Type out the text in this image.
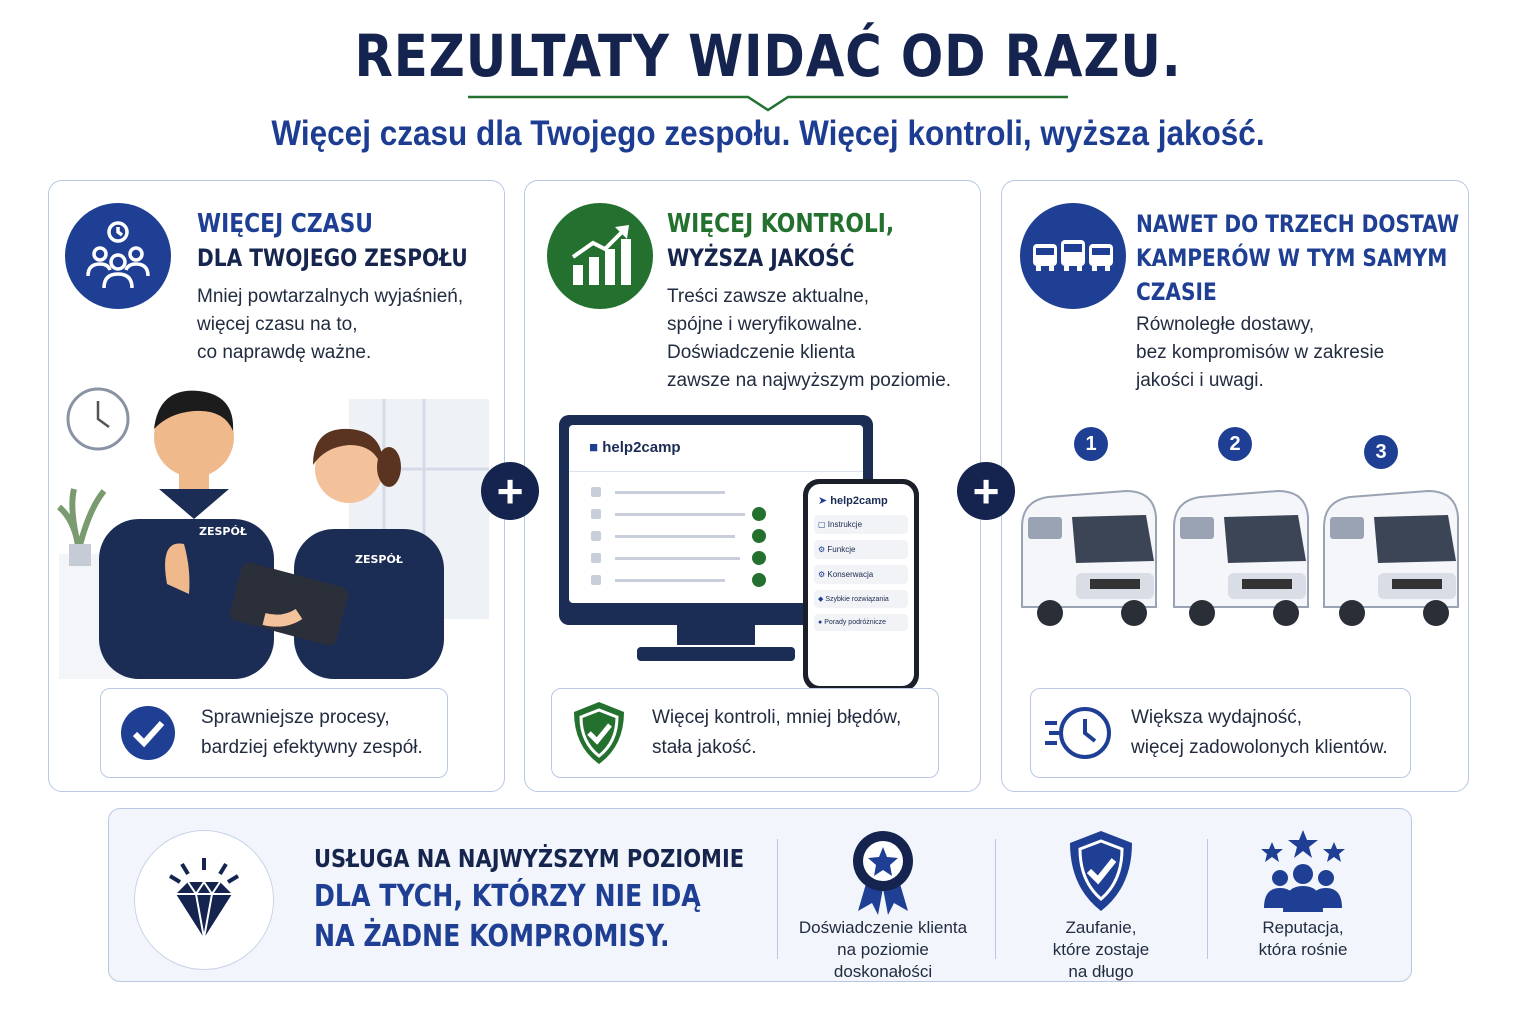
REZULTATY WIDAĆ OD RAZU.
Więcej czasu dla Twojego zespołu. Więcej kontroli, wyższa jakość.
WIĘCEJ CZASU
DLA TWOJEGO ZESPOŁU
Mniej powtarzalnych wyjaśnień,
więcej czasu na to,
co naprawdę ważne.
ZESPÓŁ
ZESPÓŁ
WIĘCEJ KONTROLI,
WYŻSZA JAKOŚĆ
Treści zawsze aktualne,
spójne i weryfikowalne.
Doświadczenie klienta
zawsze na najwyższym poziomie.
■ help2camp
➤ help2camp
▢ Instrukcje
⚙ Funkcje
⚙ Konserwacja
◆ Szybkie rozwiązania
● Porady podróżnicze
NAWET DO TRZECH DOSTAW
KAMPERÓW W TYM SAMYM
CZASIE
Równoległe dostawy,
bez kompromisów w zakresie
jakości i uwagi.
1	2	3
+	+
Sprawniejsze procesy,
bardziej efektywny zespół.
Więcej kontroli, mniej błędów,
stała jakość.
Większa wydajność,
więcej zadowolonych klientów.
USŁUGA NA NAJWYŻSZYM POZIOMIE
DLA TYCH, KTÓRZY NIE IDĄ
NA ŻADNE KOMPROMISY.	Doświadczenie klienta
na poziomie
doskonałości
Zaufanie,
które zostaje
na długo
Reputacja,
która rośnie
